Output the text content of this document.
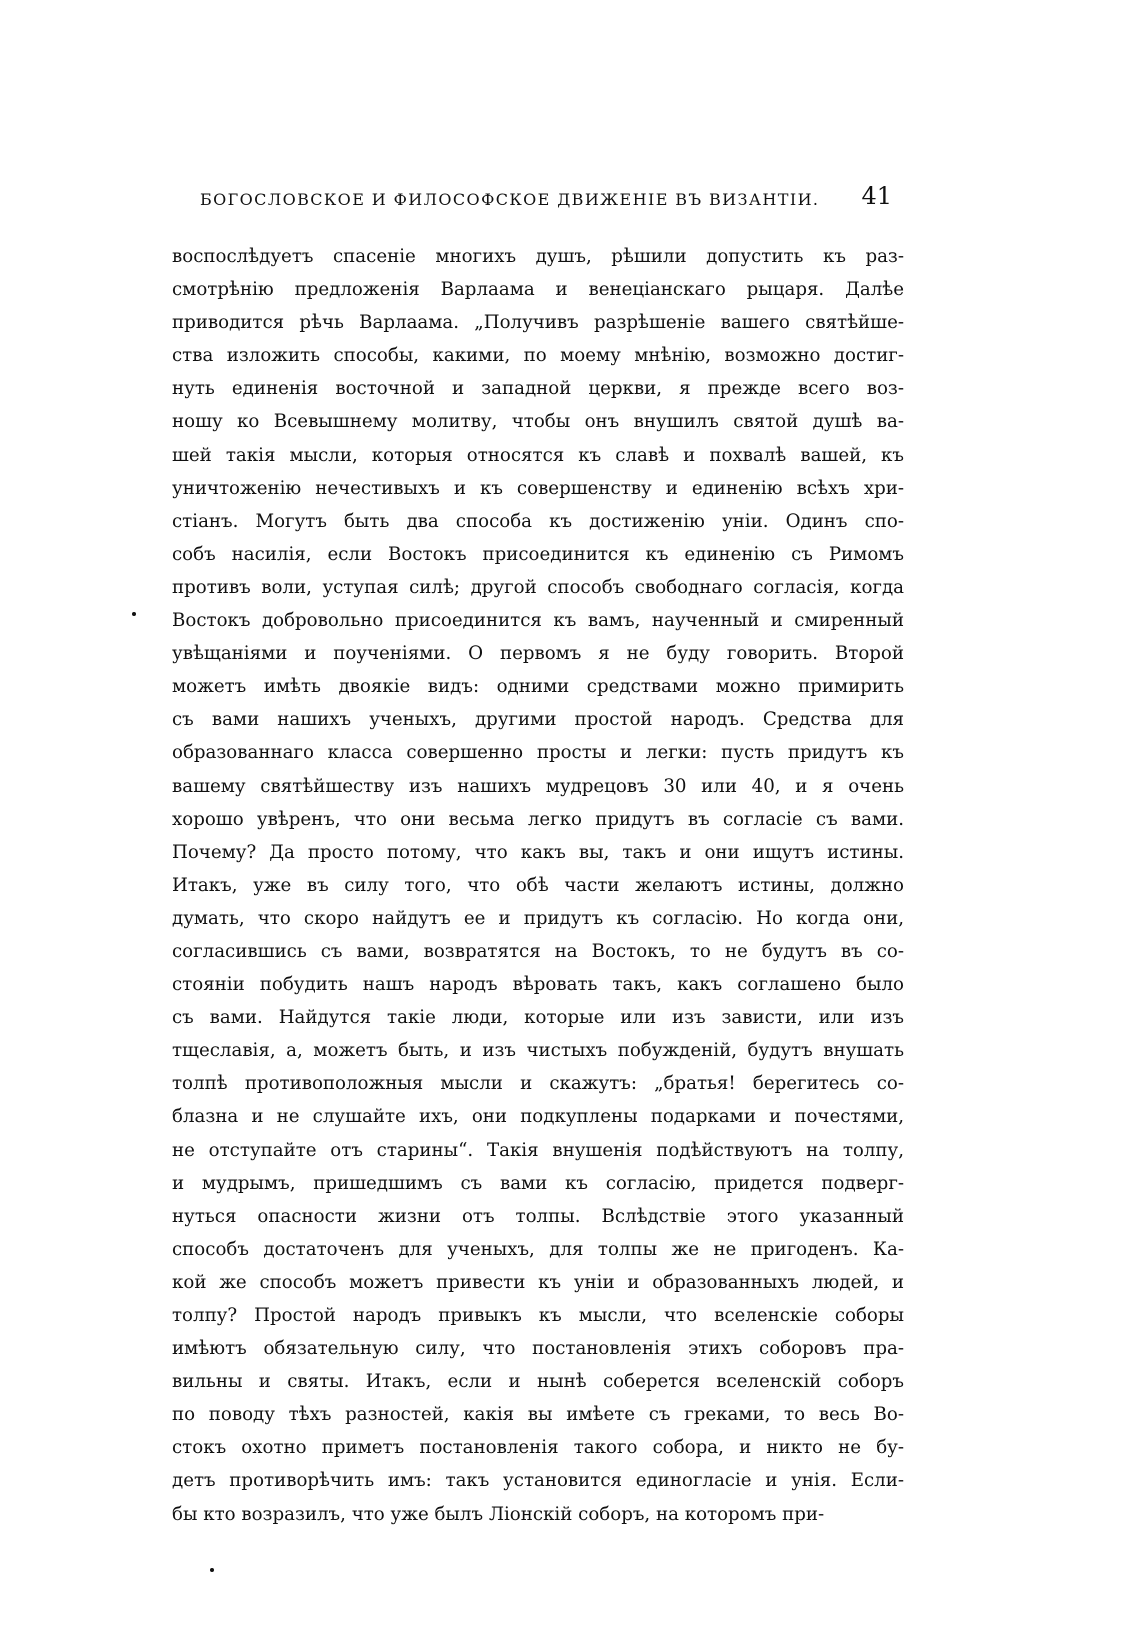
БОГОСЛОВСКОЕ И ФИЛОСОФСКОЕ ДВИЖЕНІЕ ВЪ ВИЗАНТІИ. 41
воспослѣдуетъ спасеніе многихъ душъ, рѣшили допустить къ раз-
смотрѣнію предложенія Варлаама и венеціанскаго рыцаря. Далѣе
приводится рѣчь Варлаама. „Получивъ разрѣшеніе вашего святѣйше-
ства изложить способы, какими, по моему мнѣнію, возможно достиг-
нуть единенія восточной и западной церкви, я прежде всего воз-
ношу ко Всевышнему молитву, чтобы онъ внушилъ святой душѣ ва-
шей такія мысли, которыя относятся къ славѣ и похвалѣ вашей, къ
уничтоженію нечестивыхъ и къ совершенству и единенію всѣхъ хри-
стіанъ. Могутъ быть два способа къ достиженію уніи. Одинъ спо-
собъ насилія, если Востокъ присоединится къ единенію съ Римомъ
противъ воли, уступая силѣ; другой способъ свободнаго согласія, когда
Востокъ добровольно присоединится къ вамъ, наученный и смиренный
увѣщаніями и поученіями. О первомъ я не буду говорить. Второй
можетъ имѣть двоякіе видъ: одними средствами можно примирить
съ вами нашихъ ученыхъ, другими простой народъ. Средства для
образованнаго класса совершенно просты и легки: пусть придутъ къ
вашему святѣйшеству изъ нашихъ мудрецовъ 30 или 40, и я очень
хорошо увѣренъ, что они весьма легко придутъ въ согласіе съ вами.
Почему? Да просто потому, что какъ вы, такъ и они ищутъ истины.
Итакъ, уже въ силу того, что обѣ части желаютъ истины, должно
думать, что скоро найдутъ ее и придутъ къ согласію. Но когда они,
согласившись съ вами, возвратятся на Востокъ, то не будутъ въ со-
стояніи побудить нашъ народъ вѣровать такъ, какъ соглашено было
съ вами. Найдутся такіе люди, которые или изъ зависти, или изъ
тщеславія, а, можетъ быть, и изъ чистыхъ побужденій, будутъ внушать
толпѣ противоположныя мысли и скажутъ: „братья! берегитесь со-
блазна и не слушайте ихъ, они подкуплены подарками и почестями,
не отступайте отъ старины“. Такія внушенія подѣйствуютъ на толпу,
и мудрымъ, пришедшимъ съ вами къ согласію, придется подверг-
нуться опасности жизни отъ толпы. Вслѣдствіе этого указанный
способъ достаточенъ для ученыхъ, для толпы же не пригоденъ. Ка-
кой же способъ можетъ привести къ уніи и образованныхъ людей, и
толпу? Простой народъ привыкъ къ мысли, что вселенскіе соборы
имѣютъ обязательную силу, что постановленія этихъ соборовъ пра-
вильны и святы. Итакъ, если и нынѣ соберется вселенскій соборъ
по поводу тѣхъ разностей, какія вы имѣете съ греками, то весь Во-
стокъ охотно приметъ постановленія такого собора, и никто не бу-
детъ противорѣчить имъ: такъ установится единогласіе и унія. Если-
бы кто возразилъ, что уже былъ Ліонскій соборъ, на которомъ при-
